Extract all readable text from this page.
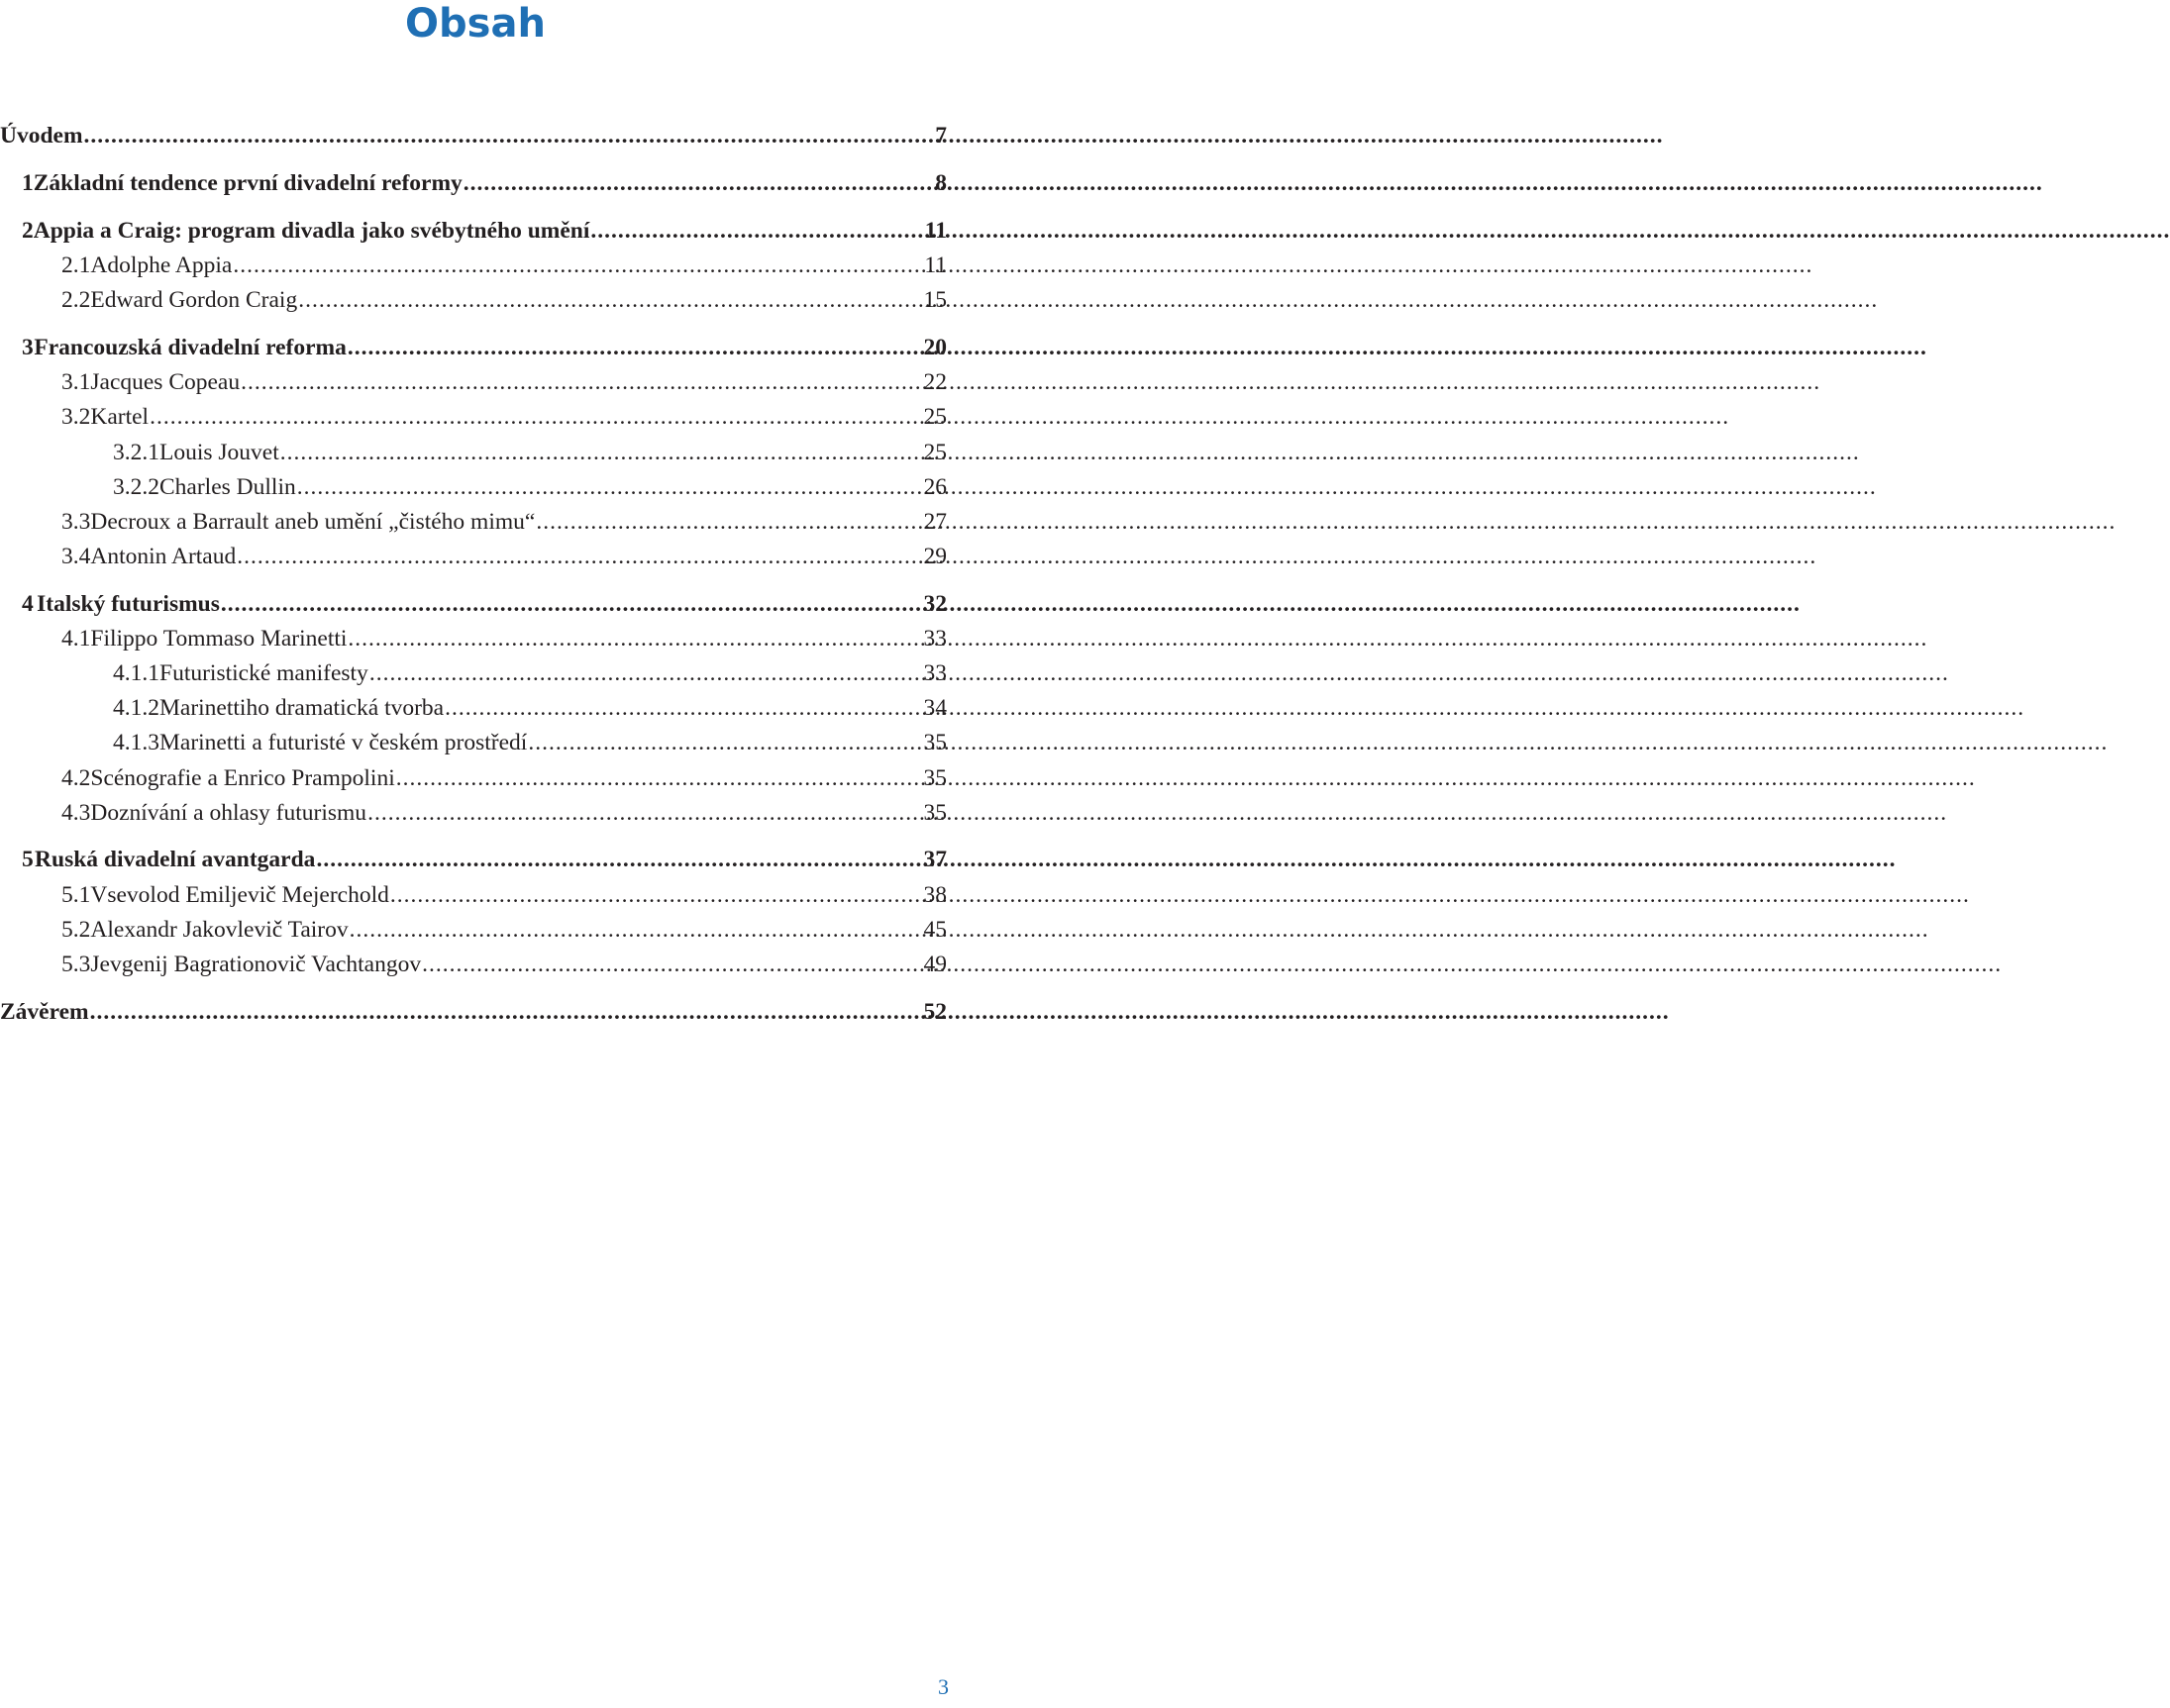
Obsah
Úvodem .....	7
1 Základní tendence první divadelní reformy .....	8
2 Appia a Craig: program divadla jako svébytného umění .....	11
2.1 Adolphe Appia .....	11
2.2 Edward Gordon Craig .....	15
3 Francouzská divadelní reforma .....	20
3.1 Jacques Copeau .....	22
3.2 Kartel .....	25
3.2.1 Louis Jouvet .....	25
3.2.2 Charles Dullin .....	26
3.3 Decroux a Barrault aneb umění „čistého mimu“ .....	27
3.4 Antonin Artaud .....	29
4 Italský futurismus .....	32
4.1 Filippo Tommaso Marinetti .....	33
4.1.1 Futuristické manifesty .....	33
4.1.2 Marinettiho dramatická tvorba .....	34
4.1.3 Marinetti a futuristé v českém prostředí .....	35
4.2 Scénografie a Enrico Prampolini .....	35
4.3 Doznívání a ohlasy futurismu .....	35
5 Ruská divadelní avantgarda .....	37
5.1 Vsevolod Emiljevič Mejerchold .....	38
5.2 Alexandr Jakovlevič Tairov .....	45
5.3 Jevgenij Bagrationovič Vachtangov .....	49
Závěrem .....	52
3
